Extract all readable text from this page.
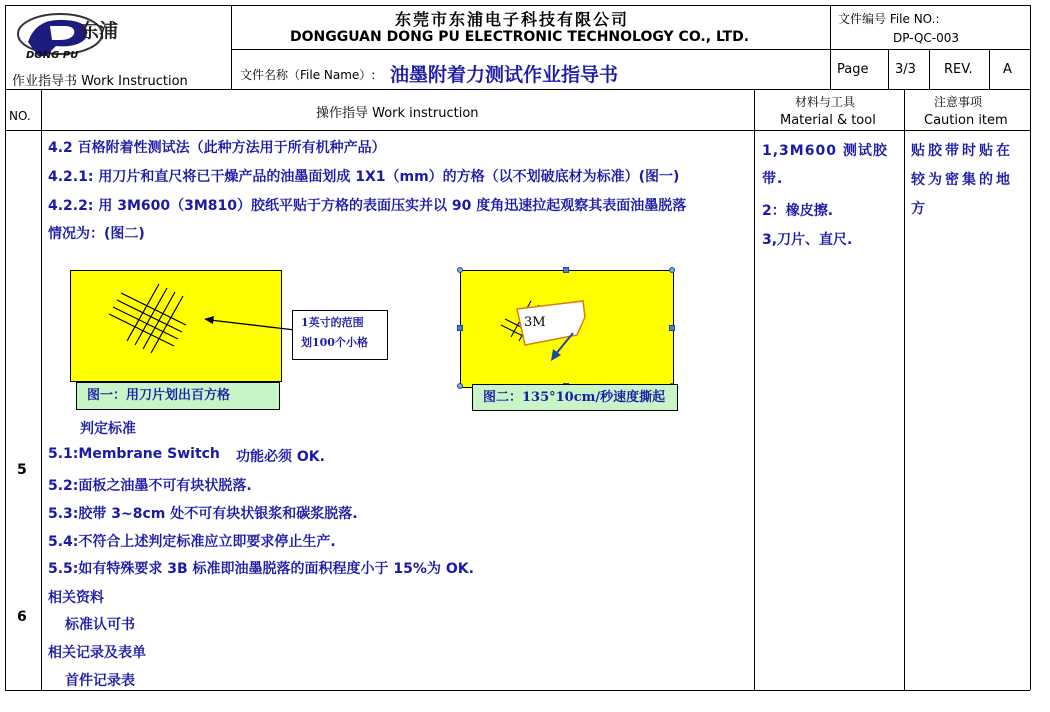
东浦
DONG PU
作业指导书 Work Instruction
东莞市东浦电子科技有限公司
DONGGUAN DONG PU ELECTRONIC TECHNOLOGY CO., LTD.
文件名称（File Name）: 油墨附着力测试作业指导书
文件编号 File NO.:
DP-QC-003
Page 3/3 REV. A
NO.	操作指导 Work instruction
材料与工具
Material & tool
注意事项
Caution item
5
6
4.2 百格附着性测试法（此种方法用于所有机种产品）
4.2.1: 用刀片和直尺将已干燥产品的油墨面划成 1X1（mm）的方格（以不划破底材为标准）(图一)
4.2.2: 用 3M600（3M810）胶纸平贴于方格的表面压实并以 90 度角迅速拉起观察其表面油墨脱落
情况为：(图二)
判定标准
5.1:Membrane Switch 功能必须 OK.
5.2:面板之油墨不可有块状脱落.
5.3:胶带 3~8cm 处不可有块状银浆和碳浆脱落.
5.4:不符合上述判定标准应立即要求停止生产.
5.5:如有特殊要求 3B 标准即油墨脱落的面积程度小于 15%为 OK.
相关资料
标准认可书
相关记录及表单
首件记录表
1英寸的范围
划100个小格
图一：用刀片划出百方格
3M
图二：135°10cm/秒速度撕起
1,3M600 测试胶带.
2：橡皮擦.
3,刀片、直尺.
贴胶带时贴在较为密集的地方
